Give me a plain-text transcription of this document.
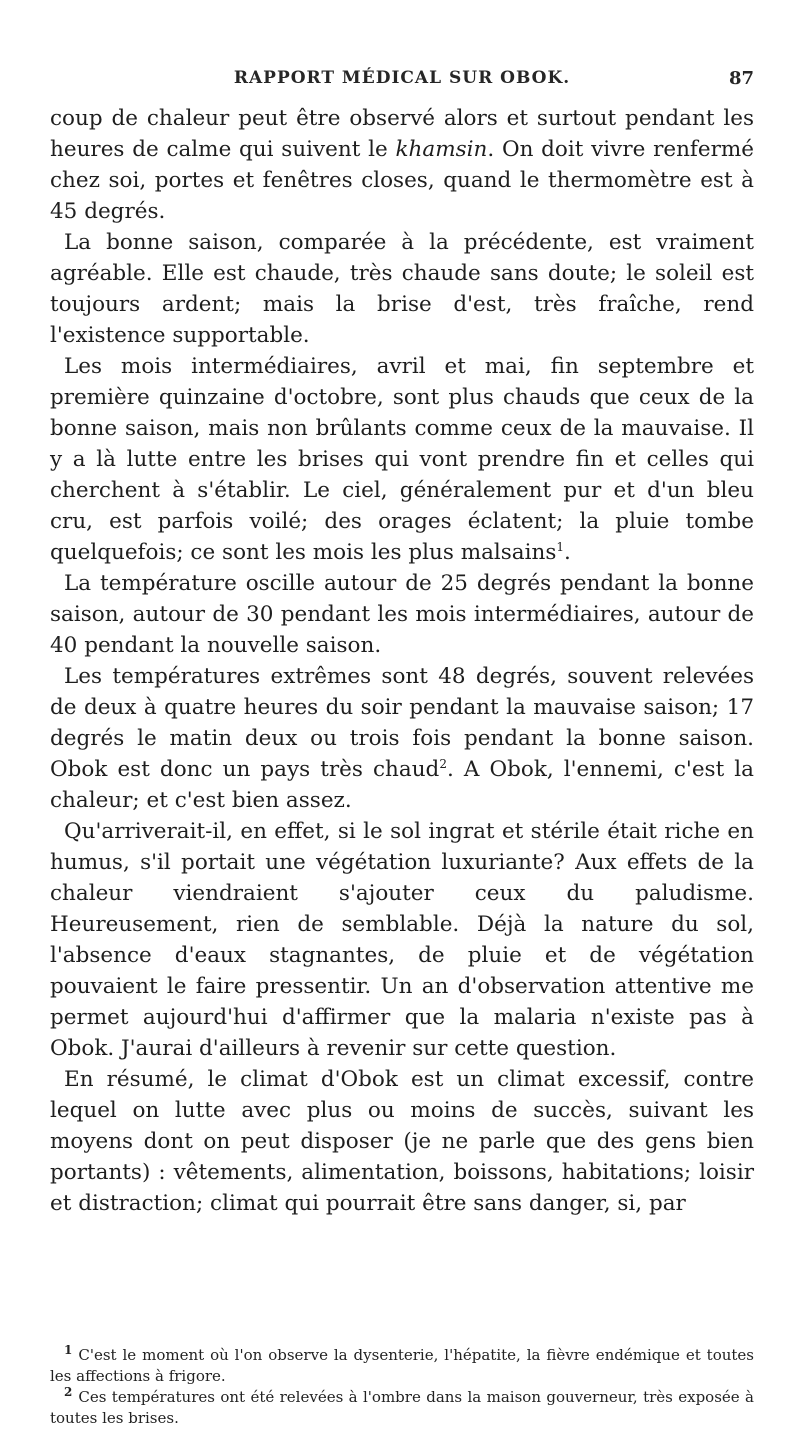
RAPPORT MÉDICAL SUR OBOK.	87

coup de chaleur peut être observé alors et surtout pendant les heures de calme qui suivent le khamsin. On doit vivre renfermé chez soi, portes et fenêtres closes, quand le thermomètre est à 45 degrés.

La bonne saison, comparée à la précédente, est vraiment agréable. Elle est chaude, très chaude sans doute; le soleil est toujours ardent; mais la brise d'est, très fraîche, rend l'existence supportable.

Les mois intermédiaires, avril et mai, fin septembre et première quinzaine d'octobre, sont plus chauds que ceux de la bonne saison, mais non brûlants comme ceux de la mauvaise. Il y a là lutte entre les brises qui vont prendre fin et celles qui cherchent à s'établir. Le ciel, généralement pur et d'un bleu cru, est parfois voilé; des orages éclatent; la pluie tombe quelquefois; ce sont les mois les plus malsains$^1$.

La température oscille autour de 25 degrés pendant la bonne saison, autour de 30 pendant les mois intermédiaires, autour de 40 pendant la nouvelle saison.

Les températures extrêmes sont 48 degrés, souvent relevées de deux à quatre heures du soir pendant la mauvaise saison; 17 degrés le matin deux ou trois fois pendant la bonne saison. Obok est donc un pays très chaud$^2$. A Obok, l'ennemi, c'est la chaleur; et c'est bien assez.

Qu'arriverait-il, en effet, si le sol ingrat et stérile était riche en humus, s'il portait une végétation luxuriante? Aux effets de la chaleur viendraient s'ajouter ceux du paludisme. Heureusement, rien de semblable. Déjà la nature du sol, l'absence d'eaux stagnantes, de pluie et de végétation pouvaient le faire pressentir. Un an d'observation attentive me permet aujourd'hui d'affirmer que la malaria n'existe pas à Obok. J'aurai d'ailleurs à revenir sur cette question.

En résumé, le climat d'Obok est un climat excessif, contre lequel on lutte avec plus ou moins de succès, suivant les moyens dont on peut disposer (je ne parle que des gens bien portants) : vêtements, alimentation, boissons, habitations; loisir et distraction; climat qui pourrait être sans danger, si, par

$^1$ C'est le moment où l'on observe la dysenterie, l'hépatite, la fièvre endémique et toutes les affections à frigore.

$^2$ Ces températures ont été relevées à l'ombre dans la maison gouverneur, très exposée à toutes les brises.
